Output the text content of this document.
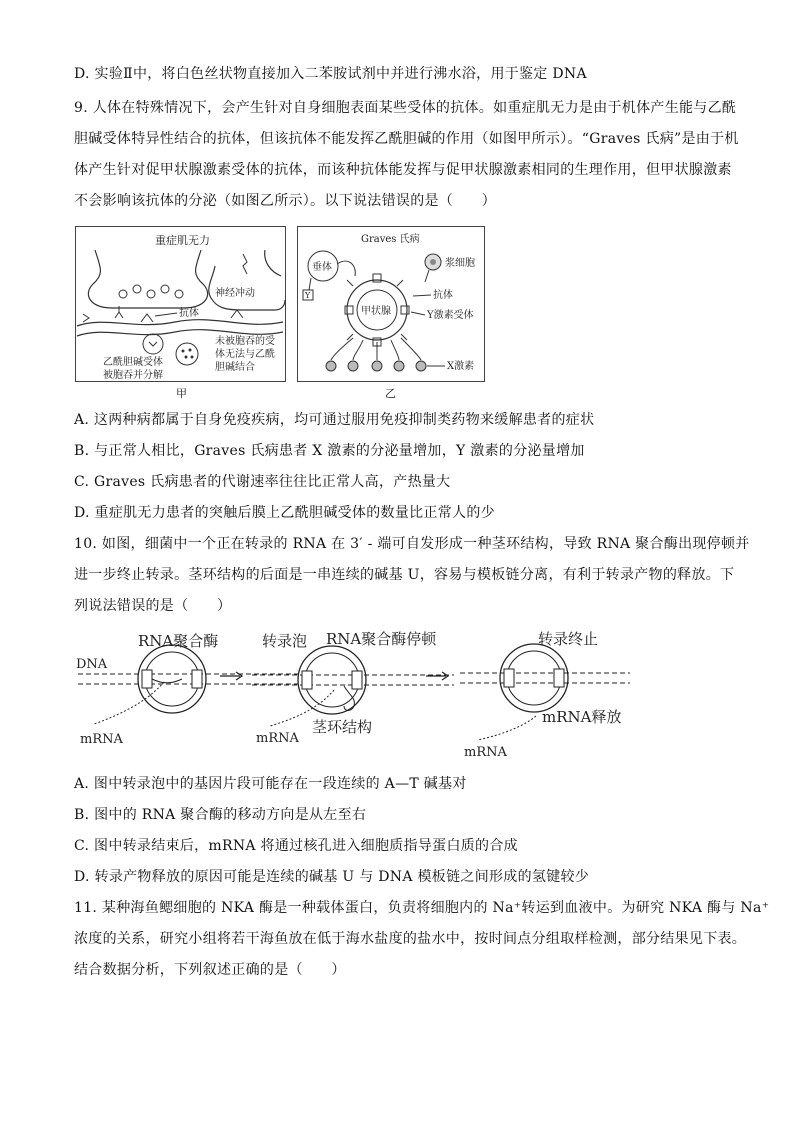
D. 实验Ⅱ中，将白色丝状物直接加入二苯胺试剂中并进行沸水浴，用于鉴定 DNA
9. 人体在特殊情况下，会产生针对自身细胞表面某些受体的抗体。如重症肌无力是由于机体产生能与乙酰
胆碱受体特异性结合的抗体，但该抗体不能发挥乙酰胆碱的作用（如图甲所示）。“Graves 氏病”是由于机
体产生针对促甲状腺激素受体的抗体，而该种抗体能发挥与促甲状腺激素相同的生理作用，但甲状腺激素
不会影响该抗体的分泌（如图乙所示）。以下说法错误的是（　　）
重症肌无力
神经冲动
抗体
乙酰胆碱受体
被胞吞并分解
未被胞吞的受
体无法与乙酰
胆碱结合
甲
Graves 氏病
垂体
Y
浆细胞
甲状腺
抗体
Y激素受体
X激素
乙
A. 这两种病都属于自身免疫疾病，均可通过服用免疫抑制类药物来缓解患者的症状
B. 与正常人相比，Graves 氏病患者 X 激素的分泌量增加，Y 激素的分泌量增加
C. Graves 氏病患者的代谢速率往往比正常人高，产热量大
D. 重症肌无力患者的突触后膜上乙酰胆碱受体的数量比正常人的少
10. 如图，细菌中一个正在转录的 RNA 在 3′ - 端可自发形成一种茎环结构，导致 RNA 聚合酶出现停顿并
进一步终止转录。茎环结构的后面是一串连续的碱基 U，容易与模板链分离，有利于转录产物的释放。下
列说法错误的是（　　）
RNA聚合酶
DNA
mRNA
转录泡 RNA聚合酶停顿
mRNA
茎环结构
转录终止
mRNA释放
mRNA
A. 图中转录泡中的基因片段可能存在一段连续的 A—T 碱基对
B. 图中的 RNA 聚合酶的移动方向是从左至右
C. 图中转录结束后，mRNA 将通过核孔进入细胞质指导蛋白质的合成
D. 转录产物释放的原因可能是连续的碱基 U 与 DNA 模板链之间形成的氢键较少
11. 某种海鱼鳃细胞的 NKA 酶是一种载体蛋白，负责将细胞内的 Na⁺转运到血液中。为研究 NKA 酶与 Na⁺
浓度的关系，研究小组将若干海鱼放在低于海水盐度的盐水中，按时间点分组取样检测，部分结果见下表。
结合数据分析，下列叙述正确的是（　　）
